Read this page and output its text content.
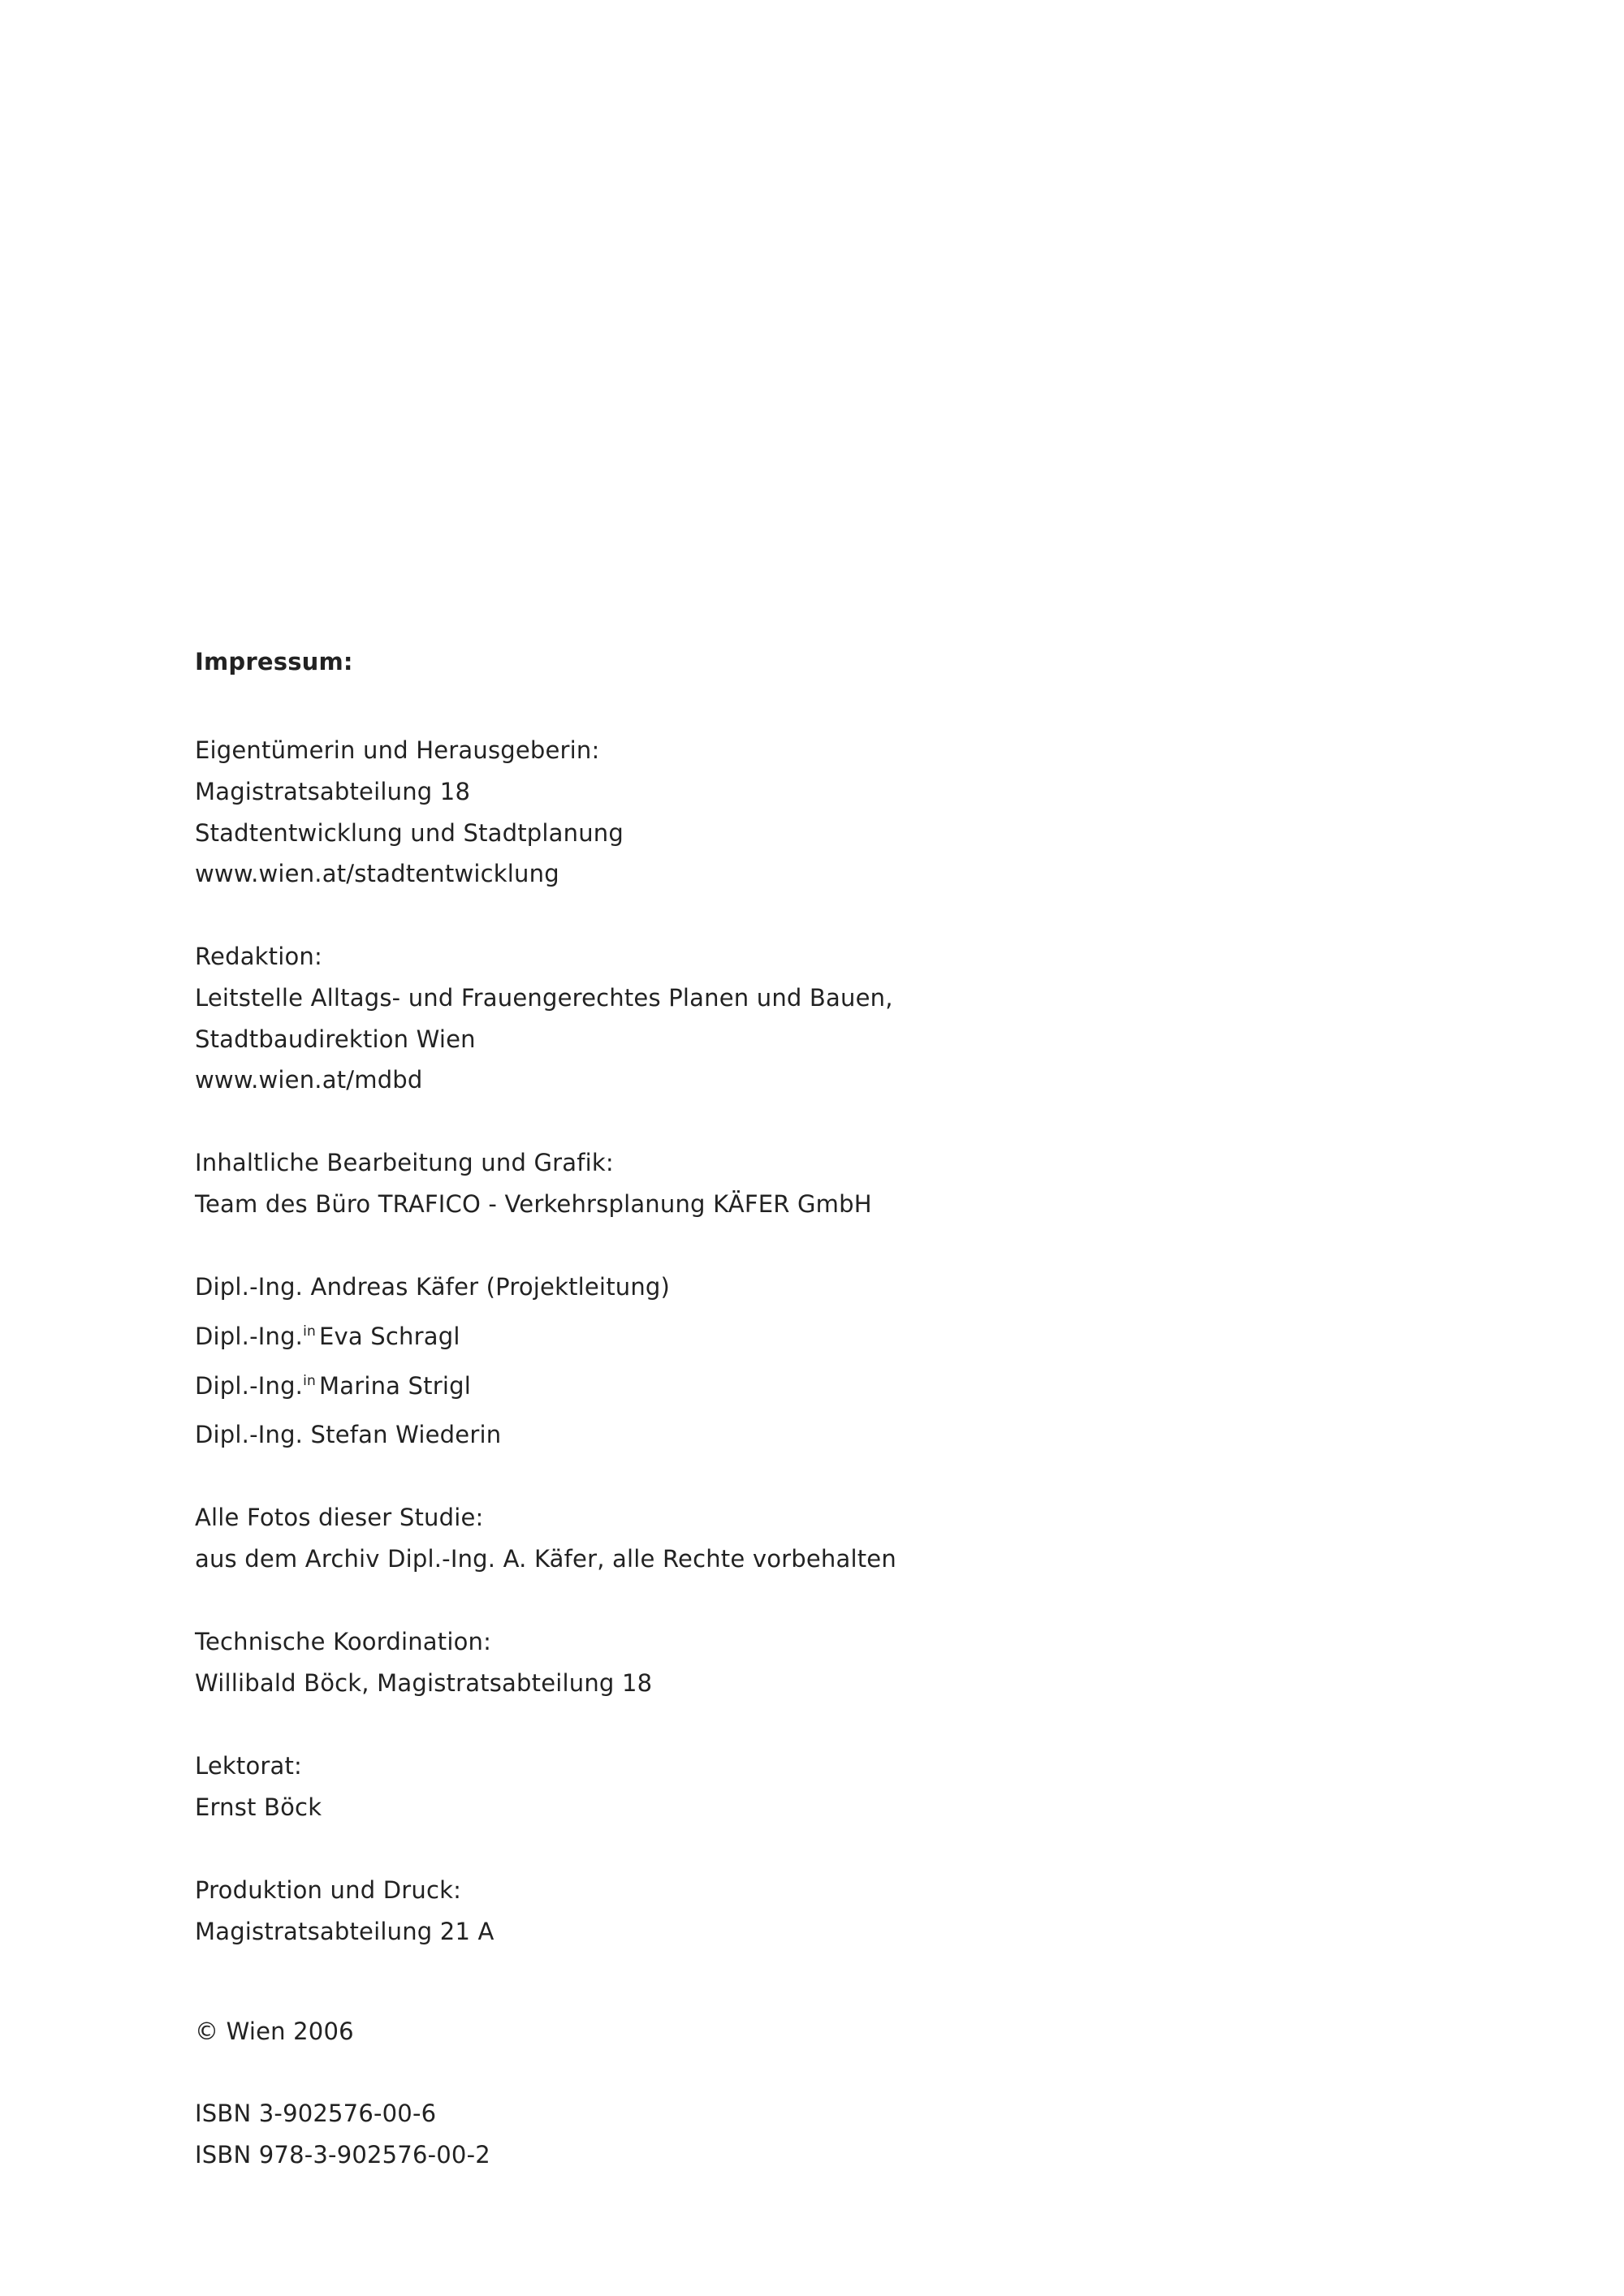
Impressum:
Eigentümerin und Herausgeberin:
Magistratsabteilung 18
Stadtentwicklung und Stadtplanung
www.wien.at/stadtentwicklung
Redaktion:
Leitstelle Alltags- und Frauengerechtes Planen und Bauen,
Stadtbaudirektion Wien
www.wien.at/mdbd
Inhaltliche Bearbeitung und Grafik:
Team des Büro TRAFICO - Verkehrsplanung KÄFER GmbH
Dipl.-Ing. Andreas Käfer (Projektleitung)
Dipl.-Ing.$^{in}$ Eva Schragl
Dipl.-Ing.$^{in}$ Marina Strigl
Dipl.-Ing. Stefan Wiederin
Alle Fotos dieser Studie:
aus dem Archiv Dipl.-Ing. A. Käfer, alle Rechte vorbehalten
Technische Koordination:
Willibald Böck, Magistratsabteilung 18
Lektorat:
Ernst Böck
Produktion und Druck:
Magistratsabteilung 21 A
© Wien 2006
ISBN 3-902576-00-6
ISBN 978-3-902576-00-2
